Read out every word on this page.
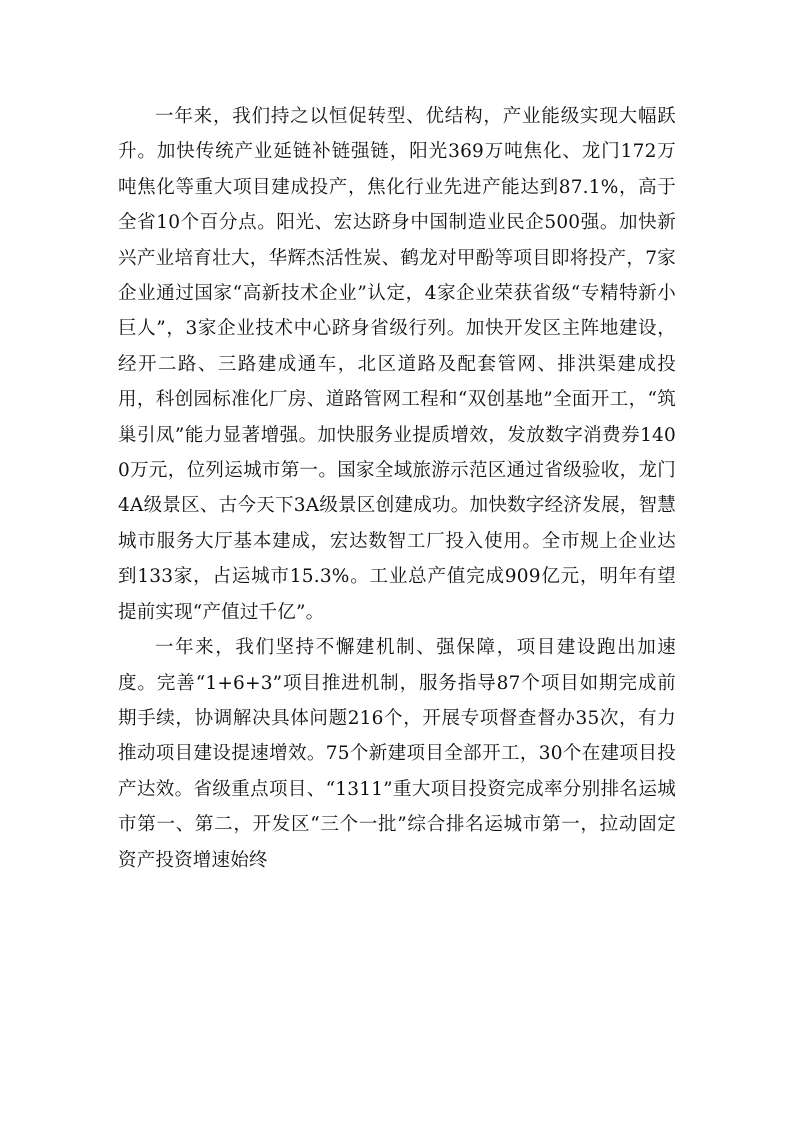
一年来，我们持之以恒促转型、优结构，产业能级实现大幅跃升。加快传统产业延链补链强链，阳光369万吨焦化、龙门172万吨焦化等重大项目建成投产，焦化行业先进产能达到87.1%，高于全省10个百分点。阳光、宏达跻身中国制造业民企500强。加快新兴产业培育壮大，华辉杰活性炭、鹤龙对甲酚等项目即将投产，7家企业通过国家“高新技术企业”认定，4家企业荣获省级“专精特新小巨人”，3家企业技术中心跻身省级行列。加快开发区主阵地建设，经开二路、三路建成通车，北区道路及配套管网、排洪渠建成投用，科创园标准化厂房、道路管网工程和“双创基地”全面开工，“筑巢引凤”能力显著增强。加快服务业提质增效，发放数字消费券1400万元，位列运城市第一。国家全域旅游示范区通过省级验收，龙门4A级景区、古今天下3A级景区创建成功。加快数字经济发展，智慧城市服务大厅基本建成，宏达数智工厂投入使用。全市规上企业达到133家，占运城市15.3%。工业总产值完成909亿元，明年有望提前实现“产值过千亿”。

一年来，我们坚持不懈建机制、强保障，项目建设跑出加速度。完善“1+6+3”项目推进机制，服务指导87个项目如期完成前期手续，协调解决具体问题216个，开展专项督查督办35次，有力推动项目建设提速增效。75个新建项目全部开工，30个在建项目投产达效。省级重点项目、“1311”重大项目投资完成率分别排名运城市第一、第二，开发区“三个一批”综合排名运城市第一，拉动固定资产投资增速始终
